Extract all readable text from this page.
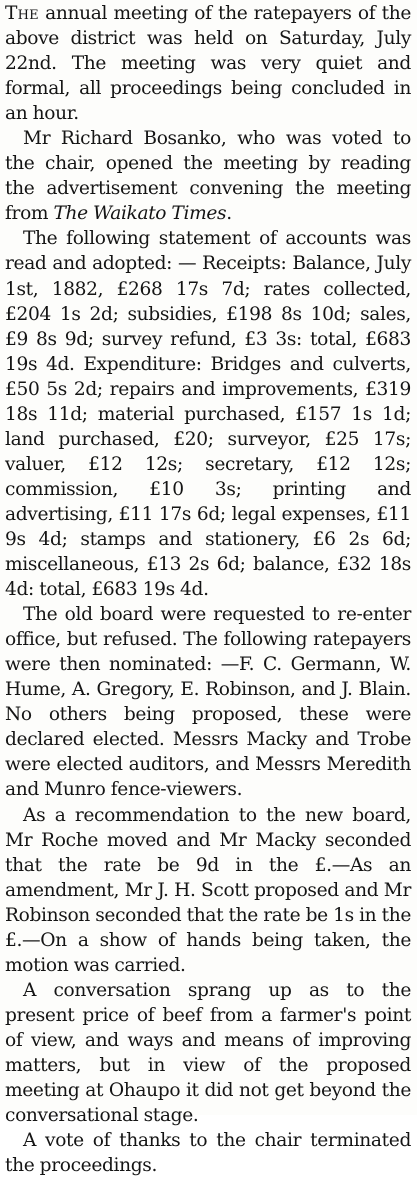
The annual meeting of the ratepayers of the above district was held on Saturday, July 22nd. The meeting was very quiet and formal, all proceedings being concluded in an hour.

Mr Richard Bosanko, who was voted to the chair, opened the meeting by reading the advertisement convening the meeting from The Waikato Times.

The following statement of accounts was read and adopted: — Receipts: Balance, July 1st, 1882, £268 17s 7d; rates collected, £204 1s 2d; subsidies, £198 8s 10d; sales, £9 8s 9d; survey refund, £3 3s: total, £683 19s 4d. Expenditure: Bridges and culverts, £50 5s 2d; repairs and improvements, £319 18s 11d; material purchased, £157 1s 1d; land purchased, £20; surveyor, £25 17s; valuer, £12 12s; secretary, £12 12s; commission, £10 3s; printing and advertising, £11 17s 6d; legal expenses, £11 9s 4d; stamps and stationery, £6 2s 6d; miscellaneous, £13 2s 6d; balance, £32 18s 4d: total, £683 19s 4d.

The old board were requested to re-enter office, but refused. The following ratepayers were then nominated: —F. C. Germann, W. Hume, A. Gregory, E. Robinson, and J. Blain. No others being proposed, these were declared elected. Messrs Macky and Trobe were elected auditors, and Messrs Meredith and Munro fence-viewers.

As a recommendation to the new board, Mr Roche moved and Mr Macky seconded that the rate be 9d in the £.—As an amendment, Mr J. H. Scott proposed and Mr Robinson seconded that the rate be 1s in the £.—On a show of hands being taken, the motion was carried.

A conversation sprang up as to the present price of beef from a farmer's point of view, and ways and means of improving matters, but in view of the proposed meeting at Ohaupo it did not get beyond the conversational stage.

A vote of thanks to the chair terminated the proceedings.
